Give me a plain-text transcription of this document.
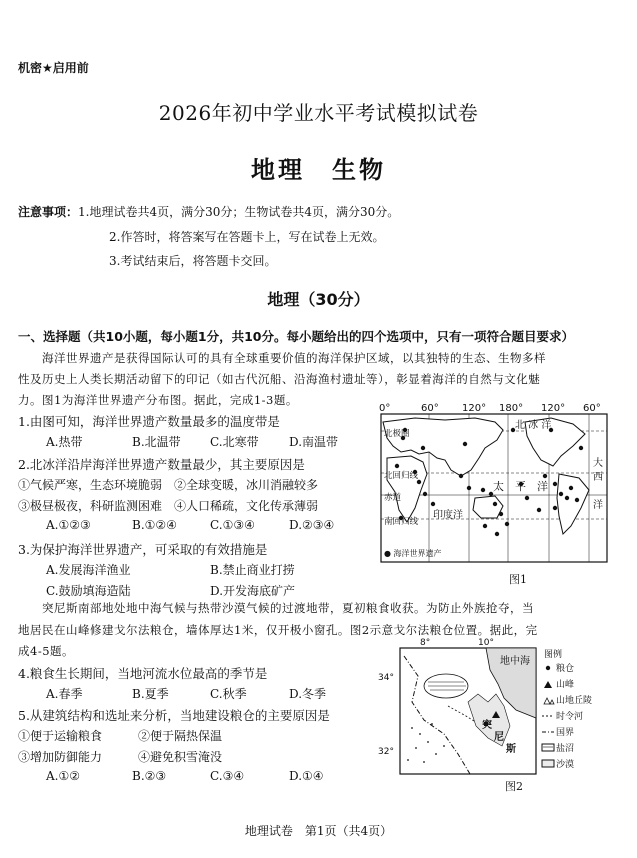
机密★启用前
2026年初中学业水平考试模拟试卷
地理　生物
注意事项：1.地理试卷共4页，满分30分；生物试卷共4页，满分30分。
2.作答时，将答案写在答题卡上，写在试卷上无效。
3.考试结束后，将答题卡交回。
地理（30分）
一、选择题（共10小题，每小题1分，共10分。每小题给出的四个选项中，只有一项符合题目要求）
　　海洋世界遗产是获得国际认可的具有全球重要价值的海洋保护区域，以其独特的生态、生物多样
性及历史上人类长期活动留下的印记（如古代沉船、沿海渔村遗址等），彰显着海洋的自然与文化魅
力。图1为海洋世界遗产分布图。据此，完成1-3题。
1.由图可知，海洋世界遗产数量最多的温度带是
A.热带	B.北温带 C.北寒带	D.南温带
2.北冰洋沿岸海洋世界遗产数量最少，其主要原因是
①气候严寒，生态环境脆弱　②全球变暖，冰川消融较多
③极昼极夜，科研监测困难　④人口稀疏，文化传承薄弱
A.①②③	B.①②④	C.①③④	D.②③④
3.为保护海洋世界遗产，可采取的有效措施是
A.发展海洋渔业	B.禁止商业打捞
C.鼓励填海造陆	D.开发海底矿产
0°	60° 120° 180° 120° 60°
北 冰 洋
北极圈
北回归线
赤道
南回归线
印度洋
太　平　洋
大
西
洋
● 海洋世界遗产
图1
　　突尼斯南部地处地中海气候与热带沙漠气候的过渡地带，夏初粮食收获。为防止外族抢夺，当
地居民在山峰修建戈尔法粮仓，墙体厚达1米，仅开极小窗孔。图2示意戈尔法粮仓位置。据此，完
成4-5题。
4.粮食生长期间，当地河流水位最高的季节是
A.春季	B.夏季	C.秋季	D.冬季
5.从建筑结构和选址来分析，当地建设粮仓的主要原因是
①便于运输粮食　　　②便于隔热保温
③增加防御能力　　　④避免积雪淹没
A.①②	B.②③	C.③④	D.①④
8°	10°
34°
32°
地中海
突
尼
斯
图例
粮仓
山峰
山地丘陵
时令河
国界
盐沼
沙漠
图2
地理试卷　第1页（共4页）
